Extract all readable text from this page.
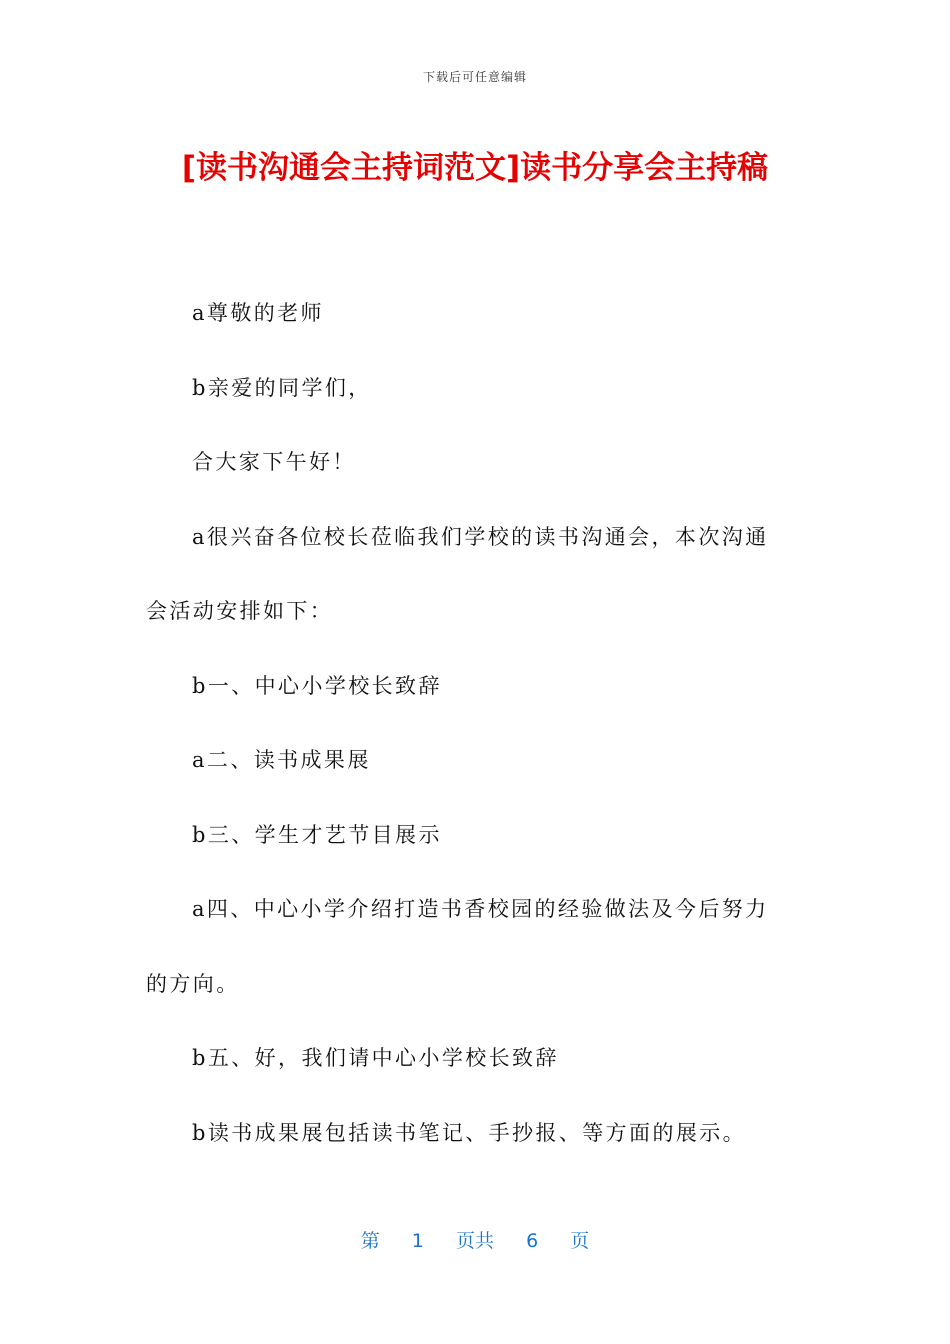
下载后可任意编辑
[读书沟通会主持词范文]读书分享会主持稿

a尊敬的老师

b亲爱的同学们，

合大家下午好！

a很兴奋各位校长莅临我们学校的读书沟通会，本次沟通会活动安排如下：

b一、中心小学校长致辞

a二、读书成果展

b三、学生才艺节目展示

a四、中心小学介绍打造书香校园的经验做法及今后努力的方向。

b五、好，我们请中心小学校长致辞

b读书成果展包括读书笔记、手抄报、等方面的展示。

第 1 页共 6 页
